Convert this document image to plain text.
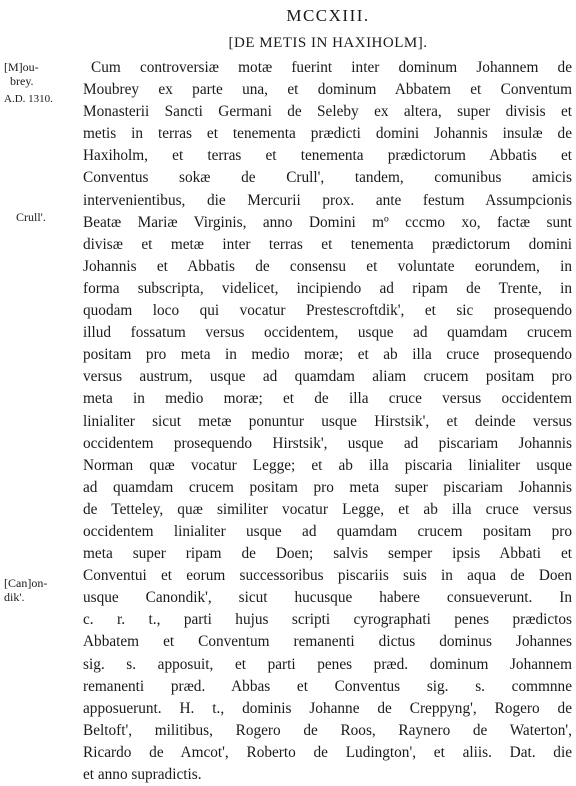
MCCXIII.
[DE METIS IN HAXIHOLM].
[M]ou-
brey.
A.D. 1310.
Crull'.
[Can]on-
dik'.
Cum controversiæ motæ fuerint inter dominum Johannem de
Moubrey ex parte una, et dominum Abbatem et Conventum
Monasterii Sancti Germani de Seleby ex altera, super divisis et
metis in terras et tenementa prædicti domini Johannis insulæ de
Haxiholm, et terras et tenementa prædictorum Abbatis et
Conventus sokæ de Crull', tandem, comunibus amicis
intervenientibus, die Mercurii prox. ante festum Assumpcionis
Beatæ Mariæ Virginis, anno Domini mº cccmo xo, factæ sunt
divisæ et metæ inter terras et tenementa prædictorum domini
Johannis et Abbatis de consensu et voluntate eorundem, in
forma subscripta, videlicet, incipiendo ad ripam de Trente, in
quodam loco qui vocatur Prestescroftdik', et sic prosequendo
illud fossatum versus occidentem, usque ad quamdam crucem
positam pro meta in medio moræ; et ab illa cruce prosequendo
versus austrum, usque ad quamdam aliam crucem positam pro
meta in medio moræ; et de illa cruce versus occidentem
linialiter sicut metæ ponuntur usque Hirstsik', et deinde versus
occidentem prosequendo Hirstsik', usque ad piscariam Johannis
Norman quæ vocatur Legge; et ab illa piscaria linialiter usque
ad quamdam crucem positam pro meta super piscariam Johannis
de Tetteley, quæ similiter vocatur Legge, et ab illa cruce versus
occidentem linialiter usque ad quamdam crucem positam pro
meta super ripam de Doen; salvis semper ipsis Abbati et
Conventui et eorum successoribus piscariis suis in aqua de Doen
usque Canondik', sicut hucusque habere consueverunt. In
c. r. t., parti hujus scripti cyrographati penes prædictos
Abbatem et Conventum remanenti dictus dominus Johannes
sig. s. apposuit, et parti penes præd. dominum Johannem
remanenti præd. Abbas et Conventus sig. s. commnne
apposuerunt. H. t., dominis Johanne de Creppyng', Rogero de
Beltoft', militibus, Rogero de Roos, Raynero de Waterton',
Ricardo de Amcot', Roberto de Ludington', et aliis. Dat. die
et anno supradictis.
